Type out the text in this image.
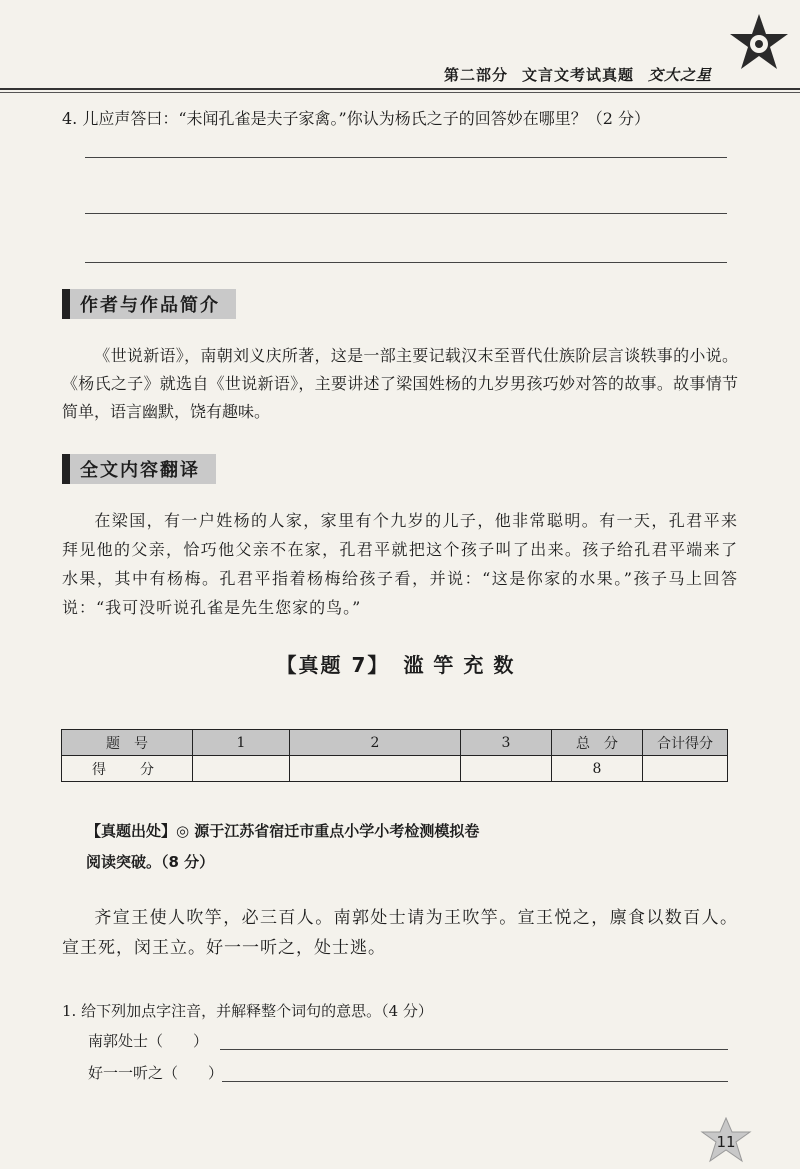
第二部分 文言文考试真题 交大之星
4. 儿应声答曰：“未闻孔雀是夫子家禽。”你认为杨氏之子的回答妙在哪里？（2 分）
作者与作品简介
《世说新语》，南朝刘义庆所著，这是一部主要记载汉末至晋代仕族阶层言谈轶事的小说。《杨氏之子》就选自《世说新语》，主要讲述了梁国姓杨的九岁男孩巧妙对答的故事。故事情节简单，语言幽默，饶有趣味。
全文内容翻译
在梁国，有一户姓杨的人家，家里有个九岁的儿子，他非常聪明。有一天，孔君平来拜见他的父亲，恰巧他父亲不在家，孔君平就把这个孩子叫了出来。孩子给孔君平端来了水果，其中有杨梅。孔君平指着杨梅给孩子看，并说：“这是你家的水果。”孩子马上回答说：“我可没听说孔雀是先生您家的鸟。”
【真题 7】 滥竽充数
题　号	1	2	3	总　分	合计得分
得　分				8	
【真题出处】◎ 源于江苏省宿迁市重点小学小考检测模拟卷
阅读突破。（8 分）
齐宣王使人吹竽，必三百人。南郭处士请为王吹竽。宣王悦之，廪食以数百人。宣王死，闵王立。好一一听之，处士逃。
1. 给下列加点字注音，并解释整个词句的意思。（4 分）
南郭处士（　　）
好一一听之（　　）
11
